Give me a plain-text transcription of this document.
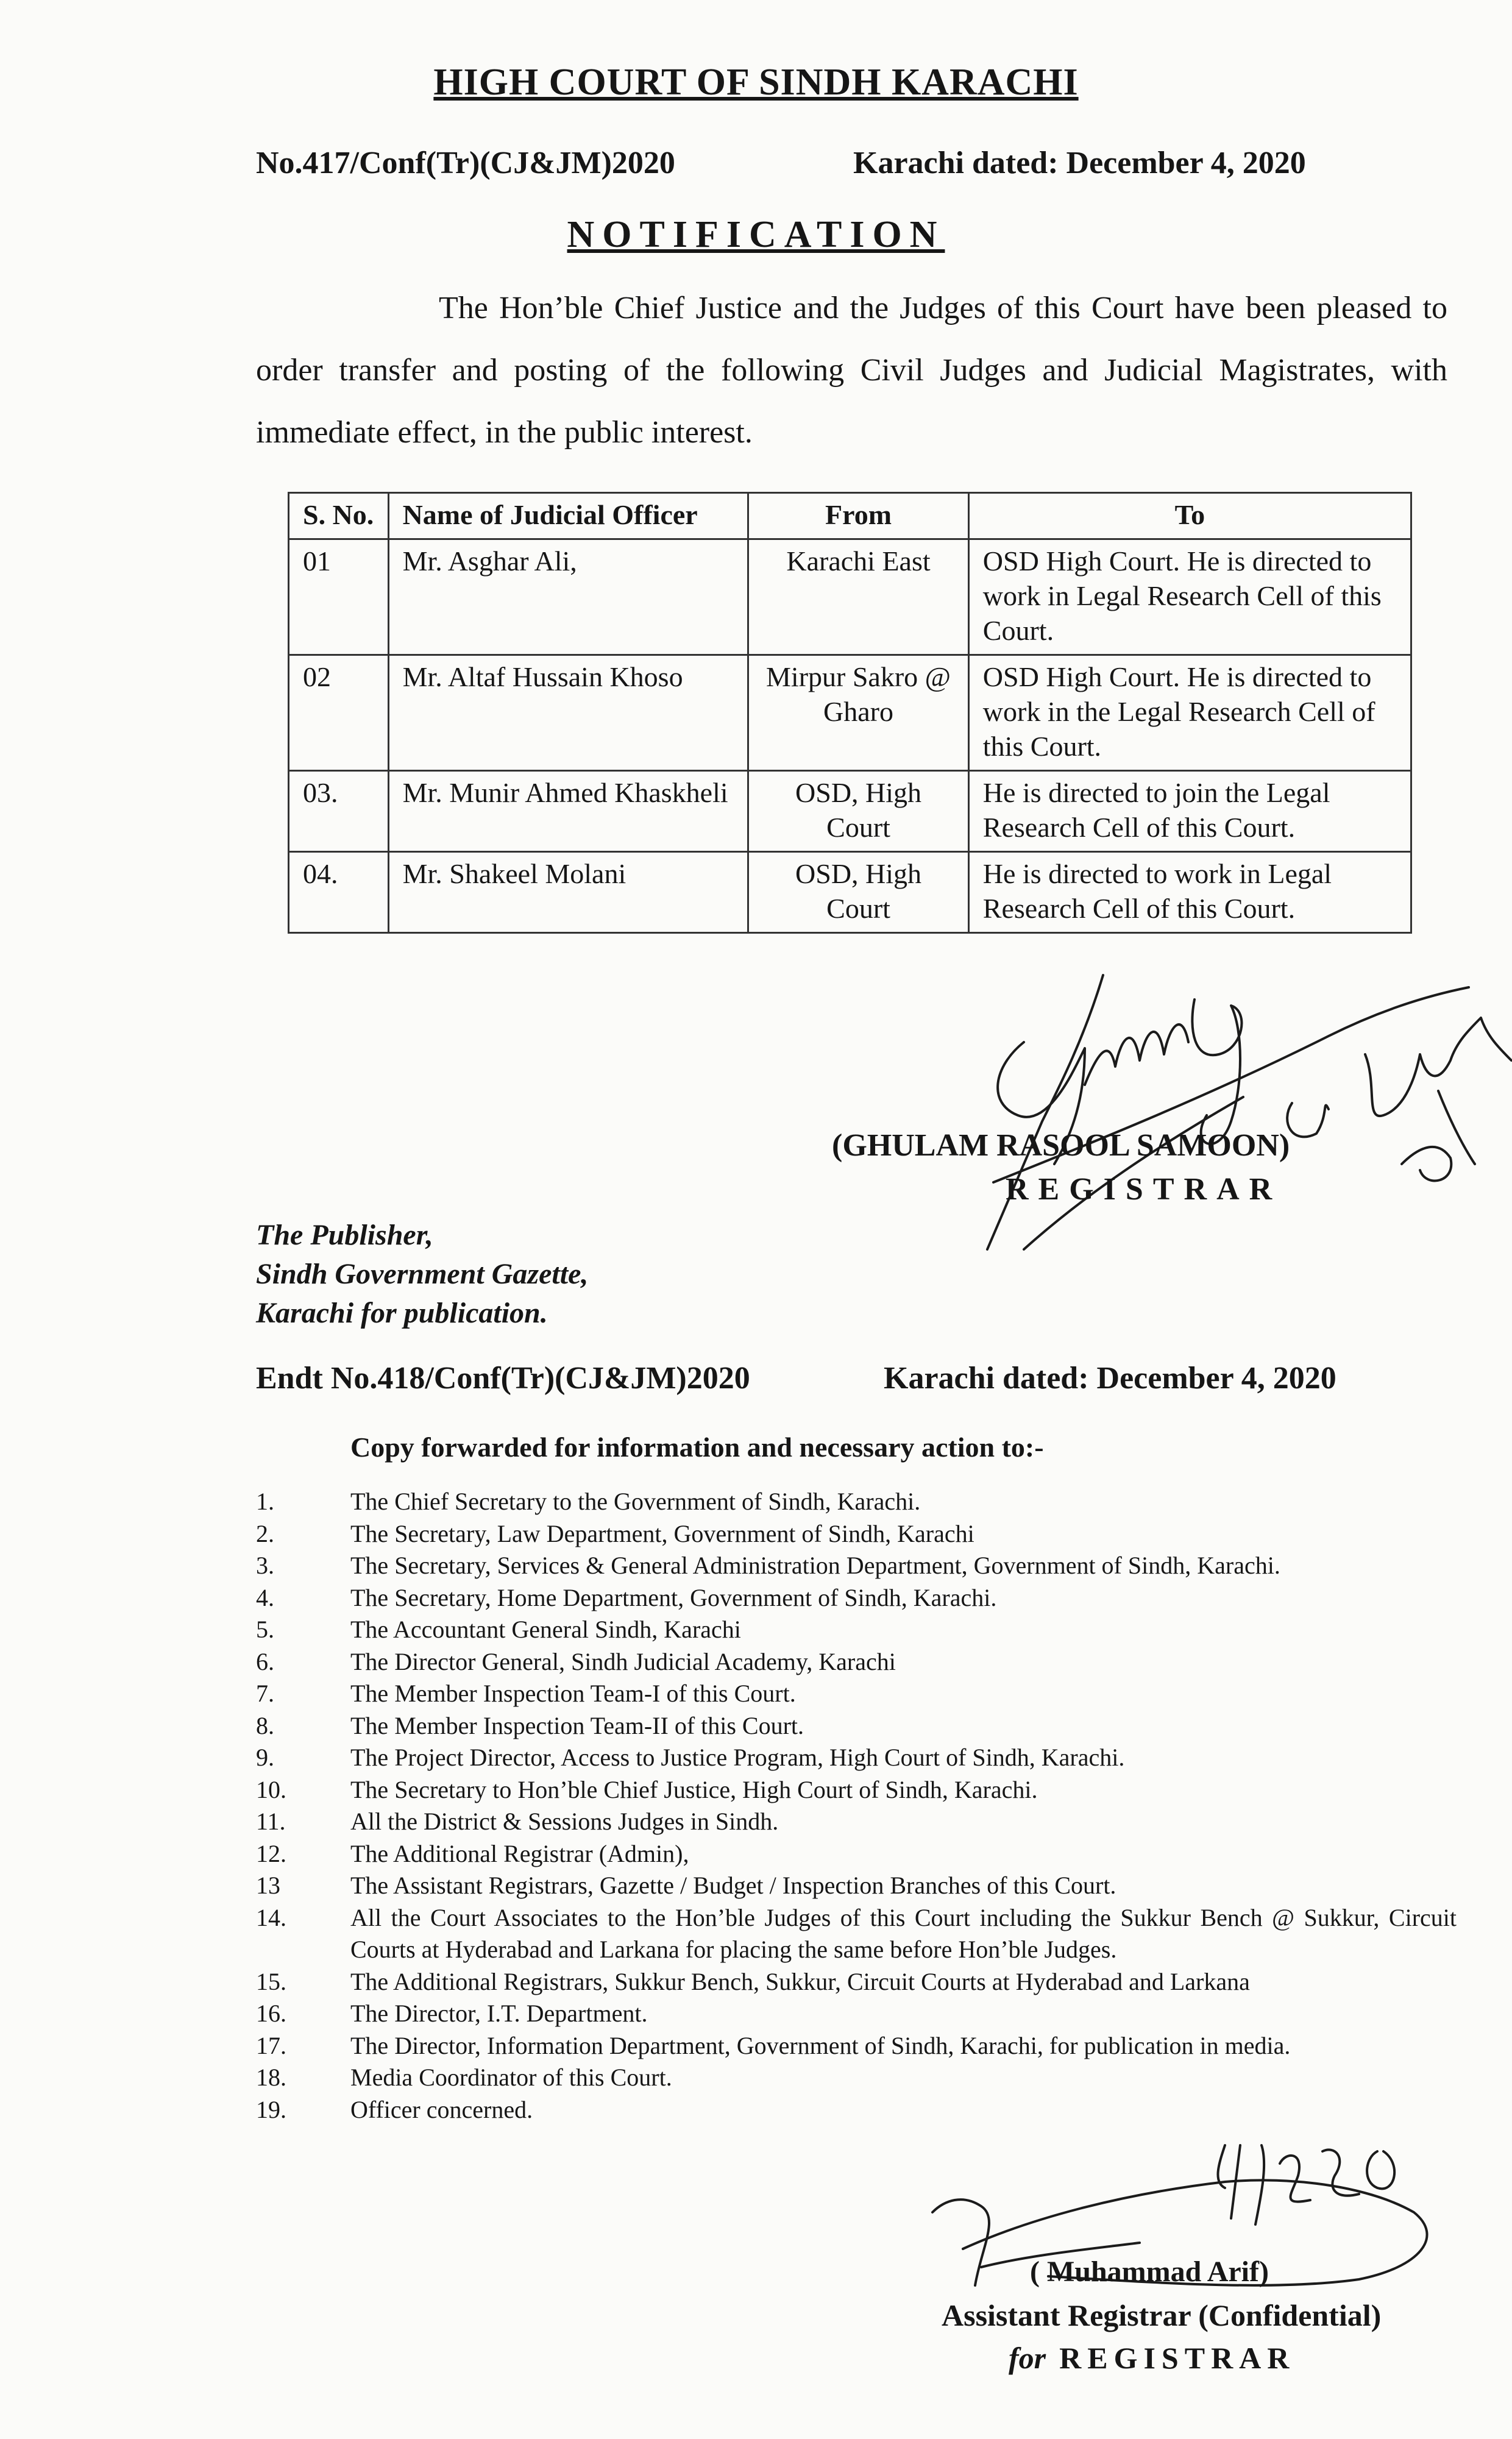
HIGH COURT OF SINDH KARACHI
No.417/Conf(Tr)(CJ&JM)2020	Karachi dated: December 4, 2020
NOTIFICATION
The Hon’ble Chief Justice and the Judges of this Court have been pleased to order transfer and posting of the following Civil Judges and Judicial Magistrates, with immediate effect, in the public interest.
S. No.	Name of Judicial Officer	From	To
01	Mr. Asghar Ali,	Karachi East	OSD High Court. He is directed to work in Legal Research Cell of this Court.
02	Mr. Altaf Hussain Khoso	Mirpur Sakro @ Gharo	OSD High Court. He is directed to work in the Legal Research Cell of this Court.
03.	Mr. Munir Ahmed Khaskheli	OSD, High Court	He is directed to join the Legal Research Cell of this Court.
04.	Mr. Shakeel Molani	OSD, High Court	He is directed to work in Legal Research Cell of this Court.
(GHULAM RASOOL SAMOON)
REGISTRAR
The Publisher,
Sindh Government Gazette,
Karachi for publication.
Endt No.418/Conf(Tr)(CJ&JM)2020	Karachi dated: December 4, 2020
Copy forwarded for information and necessary action to:-
1.	The Chief Secretary to the Government of Sindh, Karachi.
2.	The Secretary, Law Department, Government of Sindh, Karachi
3.	The Secretary, Services & General Administration Department, Government of Sindh, Karachi.
4.	The Secretary, Home Department, Government of Sindh, Karachi.
5.	The Accountant General Sindh, Karachi
6.	The Director General, Sindh Judicial Academy, Karachi
7.	The Member Inspection Team-I of this Court.
8.	The Member Inspection Team-II of this Court.
9.	The Project Director, Access to Justice Program, High Court of Sindh, Karachi.
10.	The Secretary to Hon’ble Chief Justice, High Court of Sindh, Karachi.
11.	All the District & Sessions Judges in Sindh.
12.	The Additional Registrar (Admin),
13	The Assistant Registrars, Gazette / Budget / Inspection Branches of this Court.
14.	All the Court Associates to the Hon’ble Judges of this Court including the Sukkur Bench @ Sukkur, Circuit Courts at Hyderabad and Larkana for placing the same before Hon’ble Judges.
15.	The Additional Registrars, Sukkur Bench, Sukkur, Circuit Courts at Hyderabad and Larkana
16.	The Director, I.T. Department.
17.	The Director, Information Department, Government of Sindh, Karachi, for publication in media.
18.	Media Coordinator of this Court.
19.	Officer concerned.
4/12/20
( Muhammad Arif)
Assistant Registrar (Confidential)
for REGISTRAR
